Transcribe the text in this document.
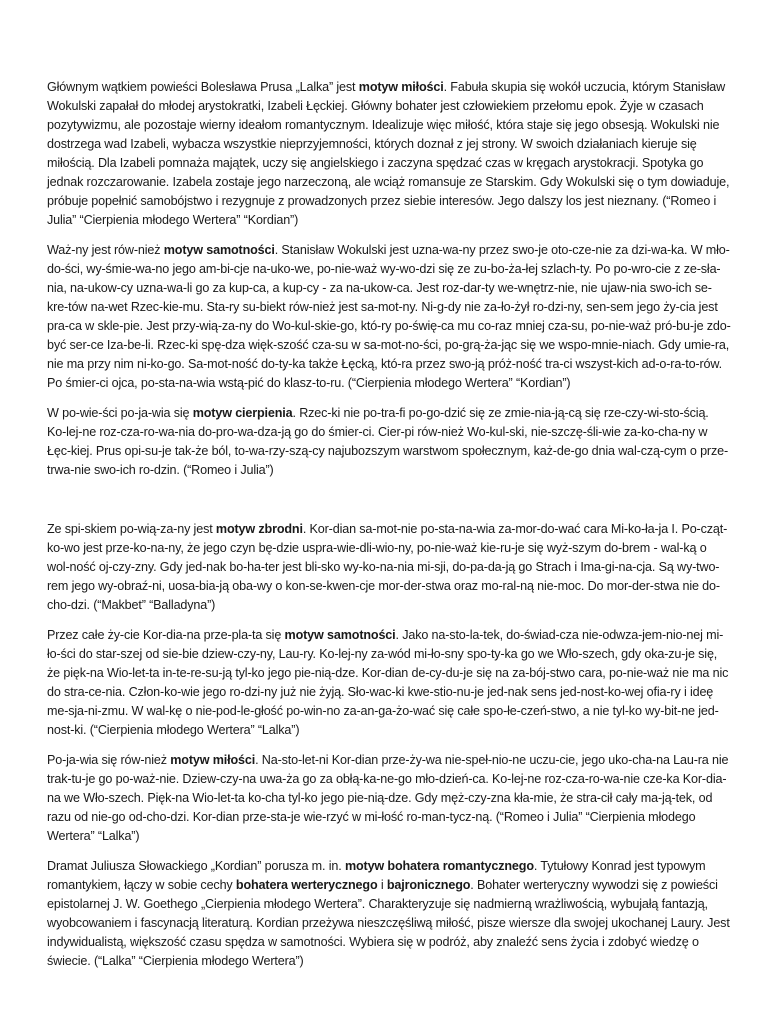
Głównym wątkiem powieści Bolesława Prusa „Lalka” jest motyw miłości. Fabuła skupia się wokół uczucia, którym Stanisław Wokulski zapałał do młodej arystokratki, Izabeli Łęckiej. Główny bohater jest człowiekiem przełomu epok. Żyje w czasach pozytywizmu, ale pozostaje wierny ideałom romantycznym. Idealizuje więc miłość, która staje się jego obsesją. Wokulski nie dostrzega wad Izabeli, wybacza wszystkie nieprzyjemności, których doznał z jej strony. W swoich działaniach kieruje się miłością. Dla Izabeli pomnaża majątek, uczy się angielskiego i zaczyna spędzać czas w kręgach arystokracji. Spotyka go jednak rozczarowanie. Izabela zostaje jego narzeczoną, ale wciąż romansuje ze Starskim. Gdy Wokulski się o tym dowiaduje, próbuje popełnić samobójstwo i rezygnuje z prowadzonych przez siebie interesów. Jego dalszy los jest nieznany. (“Romeo i Julia” “Cierpienia młodego Wertera” “Kordian”)

Waż-ny jest rów-nież motyw samotności. Stanisław Wokulski jest uzna-wa-ny przez swo-je oto-cze-nie za dzi-wa-ka. W mło-do-ści, wy-śmie-wa-no jego am-bi-cje na-uko-we, po-nie-waż wy-wo-dzi się ze zu-bo-ża-łej szlach-ty. Po po-wro-cie z ze-sła-nia, na-ukow-cy uzna-wa-li go za kup-ca, a kup-cy - za na-ukow-ca. Jest roz-dar-ty we-wnętrz-nie, nie ujaw-nia swo-ich se-kre-tów na-wet Rzec-kie-mu. Sta-ry su-biekt rów-nież jest sa-mot-ny. Ni-g-dy nie za-ło-żył ro-dzi-ny, sen-sem jego ży-cia jest pra-ca w skle-pie. Jest przy-wią-za-ny do Wo-kul-skie-go, któ-ry po-świę-ca mu co-raz mniej cza-su, po-nie-waż pró-bu-je zdo-być ser-ce Iza-be-li. Rzec-ki spę-dza więk-szość cza-su w sa-mot-no-ści, po-grą-ża-jąc się we wspo-mnie-niach. Gdy umie-ra, nie ma przy nim ni-ko-go. Sa-mot-ność do-ty-ka także Łęcką, któ-ra przez swo-ją próż-ność tra-ci wszyst-kich ad-o-ra-to-rów. Po śmier-ci ojca, po-sta-na-wia wstą-pić do klasz-to-ru. (“Cierpienia młodego Wertera” “Kordian”)

W po-wie-ści po-ja-wia się motyw cierpienia. Rzec-ki nie po-tra-fi po-go-dzić się ze zmie-nia-ją-cą się rze-czy-wi-sto-ścią. Ko-lej-ne roz-cza-ro-wa-nia do-pro-wa-dza-ją go do śmier-ci. Cier-pi rów-nież Wo-kul-ski, nie-szczę-śli-wie za-ko-cha-ny w Łęc-kiej. Prus opi-su-je tak-że ból, to-wa-rzy-szą-cy najubozszym warstwom społecznym, każ-de-go dnia wal-czą-cym o prze-trwa-nie swo-ich ro-dzin. (“Romeo i Julia”)

Ze spi-skiem po-wią-za-ny jest motyw zbrodni. Kor-dian sa-mot-nie po-sta-na-wia za-mor-do-wać cara Mi-ko-ła-ja I. Po-cząt-ko-wo jest prze-ko-na-ny, że jego czyn bę-dzie uspra-wie-dli-wio-ny, po-nie-waż kie-ru-je się wyż-szym do-brem - wal-ką o wol-ność oj-czy-zny. Gdy jed-nak bo-ha-ter jest bli-sko wy-ko-na-nia mi-sji, do-pa-da-ją go Strach i Ima-gi-na-cja. Są wy-two-rem jego wy-obraź-ni, uosa-bia-ją oba-wy o kon-se-kwen-cje mor-der-stwa oraz mo-ral-ną nie-moc. Do mor-der-stwa nie do-cho-dzi. (“Makbet” “Balladyna”)

Przez całe ży-cie Kor-dia-na prze-pla-ta się motyw samotności. Jako na-sto-la-tek, do-świad-cza nie-odwza-jem-nio-nej mi-ło-ści do star-szej od sie-bie dziew-czy-ny, Lau-ry. Ko-lej-ny za-wód mi-ło-sny spo-ty-ka go we Wło-szech, gdy oka-zu-je się, że pięk-na Wio-let-ta in-te-re-su-ją tyl-ko jego pie-nią-dze. Kor-dian de-cy-du-je się na za-bój-stwo cara, po-nie-waż nie ma nic do stra-ce-nia. Człon-ko-wie jego ro-dzi-ny już nie żyją. Sło-wac-ki kwe-stio-nu-je jed-nak sens jed-nost-ko-wej ofia-ry i ideę me-sja-ni-zmu. W wal-kę o nie-pod-le-głość po-win-no za-an-ga-żo-wać się całe spo-łe-czeń-stwo, a nie tyl-ko wy-bit-ne jed-nost-ki. (“Cierpienia młodego Wertera” “Lalka”)

Po-ja-wia się rów-nież motyw miłości. Na-sto-let-ni Kor-dian prze-ży-wa nie-speł-nio-ne uczu-cie, jego uko-cha-na Lau-ra nie trak-tu-je go po-waż-nie. Dziew-czy-na uwa-ża go za obłą-ka-ne-go mło-dzień-ca. Ko-lej-ne roz-cza-ro-wa-nie cze-ka Kor-dia-na we Wło-szech. Pięk-na Wio-let-ta ko-cha tyl-ko jego pie-nią-dze. Gdy męż-czy-zna kła-mie, że stra-cił cały ma-ją-tek, od razu od nie-go od-cho-dzi. Kor-dian prze-sta-je wie-rzyć w mi-łość ro-man-tycz-ną. (“Romeo i Julia” “Cierpienia młodego Wertera” “Lalka”)

Dramat Juliusza Słowackiego „Kordian” porusza m. in. motyw bohatera romantycznego. Tytułowy Konrad jest typowym romantykiem, łączy w sobie cechy bohatera werterycznego i bajronicznego. Bohater werteryczny wywodzi się z powieści epistolarnej J. W. Goethego „Cierpienia młodego Wertera”. Charakteryzuje się nadmierną wrażliwością, wybujałą fantazją, wyobcowaniem i fascynacją literaturą. Kordian przeżywa nieszczęśliwą miłość, pisze wiersze dla swojej ukochanej Laury. Jest indywidualistą, większość czasu spędza w samotności. Wybiera się w podróż, aby znaleźć sens życia i zdobyć wiedzę o świecie. (“Lalka” “Cierpienia młodego Wertera”)
